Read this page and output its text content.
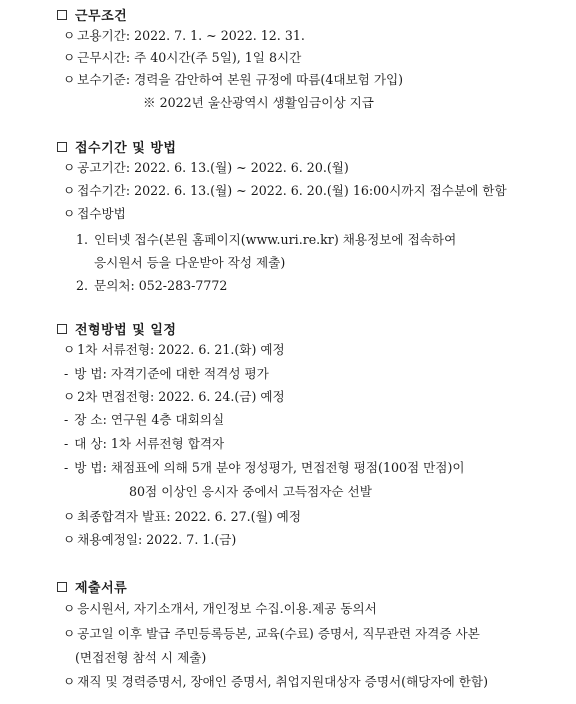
근무조건
ㅇ 고용기간: 2022. 7. 1. ~ 2022. 12. 31.
ㅇ 근무시간: 주 40시간(주 5일), 1일 8시간
ㅇ 보수기준: 경력을 감안하여 본원 규정에 따름(4대보험 가입)
※ 2022년 울산광역시 생활임금이상 지급
접수기간 및 방법
ㅇ 공고기간: 2022. 6. 13.(월) ~ 2022. 6. 20.(월)
ㅇ 접수기간: 2022. 6. 13.(월) ~ 2022. 6. 20.(월) 16:00시까지 접수분에 한함
ㅇ 접수방법
1. 인터넷 접수(본원 홈페이지(www.uri.re.kr) 채용정보에 접속하여
응시원서 등을 다운받아 작성 제출)
2. 문의처: 052-283-7772
전형방법 및 일정
ㅇ 1차 서류전형: 2022. 6. 21.(화) 예정
- 방 법: 자격기준에 대한 적격성 평가
ㅇ 2차 면접전형: 2022. 6. 24.(금) 예정
- 장 소: 연구원 4층 대회의실
- 대 상: 1차 서류전형 합격자
- 방 법: 채점표에 의해 5개 분야 정성평가, 면접전형 평점(100점 만점)이
80점 이상인 응시자 중에서 고득점자순 선발
ㅇ 최종합격자 발표: 2022. 6. 27.(월) 예정
ㅇ 채용예정일: 2022. 7. 1.(금)
제출서류
ㅇ 응시원서, 자기소개서, 개인정보 수집.이용.제공 동의서
ㅇ 공고일 이후 발급 주민등록등본, 교육(수료) 증명서, 직무관련 자격증 사본
(면접전형 참석 시 제출)
ㅇ 재직 및 경력증명서, 장애인 증명서, 취업지원대상자 증명서(해당자에 한함)
